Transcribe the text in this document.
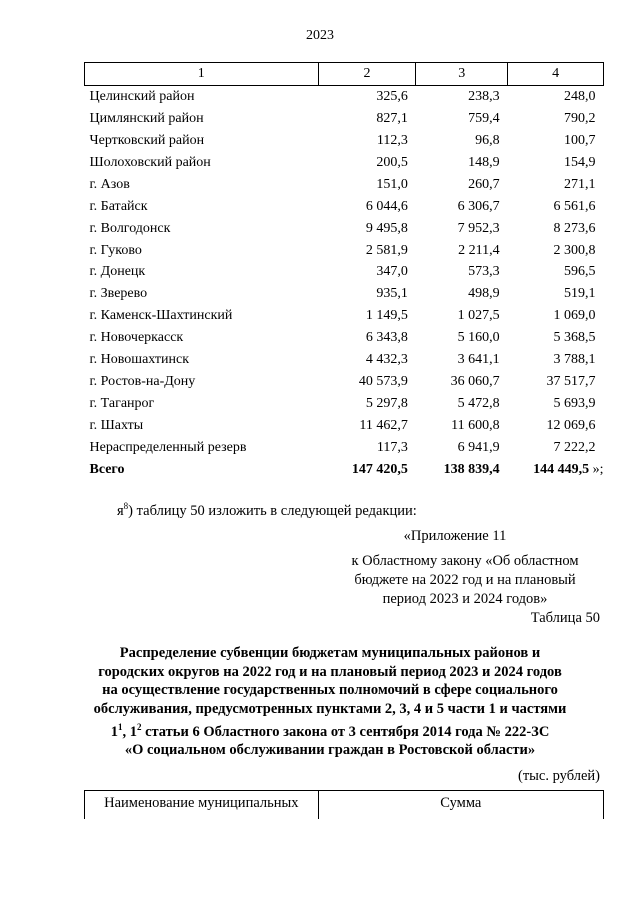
2023
1	2	3	4
Целинский район	325,6	238,3	248,0
Цимлянский район	827,1	759,4	790,2
Чертковский район	112,3	96,8	100,7
Шолоховский район	200,5	148,9	154,9
г. Азов	151,0	260,7	271,1
г. Батайск	6 044,6	6 306,7	6 561,6
г. Волгодонск	9 495,8	7 952,3	8 273,6
г. Гуково	2 581,9	2 211,4	2 300,8
г. Донецк	347,0	573,3	596,5
г. Зверево	935,1	498,9	519,1
г. Каменск-Шахтинский	1 149,5	1 027,5	1 069,0
г. Новочеркасск	6 343,8	5 160,0	5 368,5
г. Новошахтинск	4 432,3	3 641,1	3 788,1
г. Ростов-на-Дону	40 573,9	36 060,7	37 517,7
г. Таганрог	5 297,8	5 472,8	5 693,9
г. Шахты	11 462,7	11 600,8	12 069,6
Нераспределенный резерв	117,3	6 941,9	7 222,2
Всего	147 420,5	138 839,4	144 449,5 »;
$я^8$) таблицу 50 изложить в следующей редакции:
«Приложение 11
к Областному закону «Об областном
бюджете на 2022 год и на плановый
период 2023 и 2024 годов»
Таблица 50
Распределение субвенции бюджетам муниципальных районов и
городских округов на 2022 год и на плановый период 2023 и 2024 годов
на осуществление государственных полномочий в сфере социального
обслуживания, предусмотренных пунктами 2, 3, 4 и 5 части 1 и частями
$1^1$, $1^2$ статьи 6 Областного закона от 3 сентября 2014 года № 222-ЗС
«О социальном обслуживании граждан в Ростовской области»
(тыс. рублей)
Наименование муниципальных	Сумма
